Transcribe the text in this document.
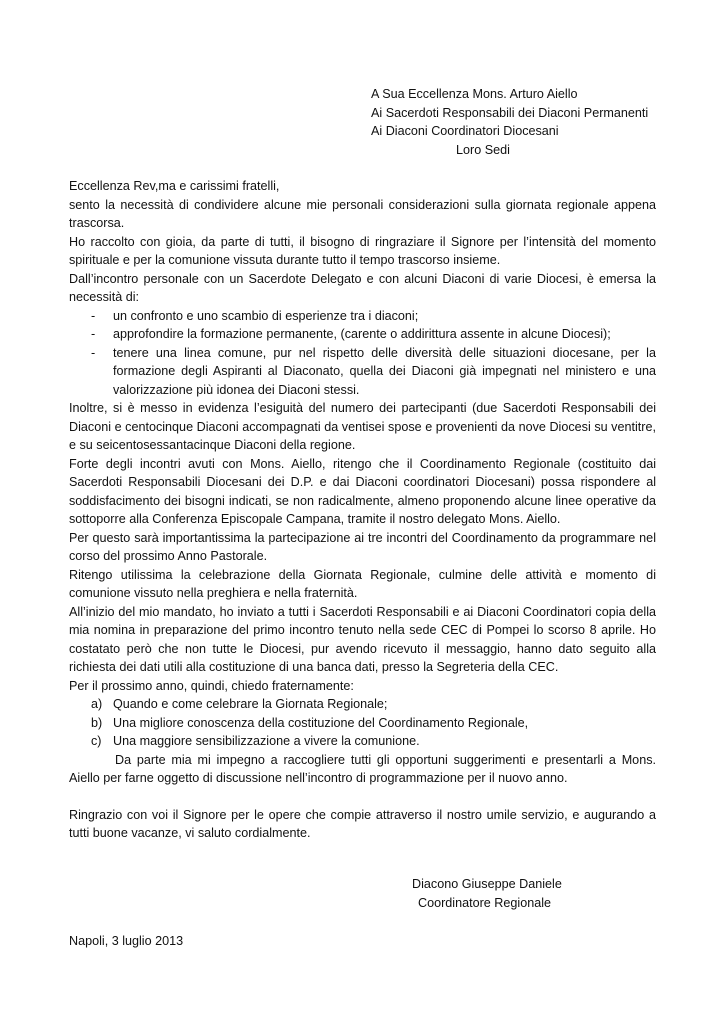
A Sua Eccellenza Mons. Arturo Aiello
Ai Sacerdoti Responsabili dei Diaconi Permanenti
Ai Diaconi Coordinatori Diocesani
Loro Sedi
Eccellenza Rev,ma e carissimi fratelli,
sento la necessità di condividere alcune mie personali considerazioni sulla giornata regionale appena trascorsa.
Ho raccolto con gioia, da parte di tutti, il bisogno di ringraziare il Signore per l’intensità del momento spirituale e per la comunione vissuta durante tutto il tempo trascorso insieme.
Dall’incontro personale con un Sacerdote Delegato e con alcuni Diaconi di varie Diocesi, è emersa la necessità di:
- un confronto e uno scambio di esperienze tra i diaconi;
- approfondire la formazione permanente, (carente o addirittura assente in alcune Diocesi);
- tenere una linea comune, pur nel rispetto delle diversità delle situazioni diocesane, per la formazione degli Aspiranti al Diaconato, quella dei Diaconi già impegnati nel ministero e una valorizzazione più idonea dei Diaconi stessi.
Inoltre, si è messo in evidenza l’esiguità del numero dei partecipanti (due Sacerdoti Responsabili dei Diaconi e centocinque Diaconi accompagnati da ventisei spose e provenienti da nove Diocesi su ventitre, e su seicentosessantacinque Diaconi della regione.
Forte degli incontri avuti con Mons. Aiello, ritengo che il Coordinamento Regionale (costituito dai Sacerdoti Responsabili Diocesani dei D.P. e dai Diaconi coordinatori Diocesani) possa rispondere al soddisfacimento dei bisogni indicati, se non radicalmente, almeno proponendo alcune linee operative da sottoporre alla Conferenza Episcopale Campana, tramite il nostro delegato Mons. Aiello.
Per questo sarà importantissima la partecipazione ai tre incontri del Coordinamento da programmare nel corso del prossimo Anno Pastorale.
Ritengo utilissima la celebrazione della Giornata Regionale, culmine delle attività e momento di comunione vissuto nella preghiera e nella fraternità.
All’inizio del mio mandato, ho inviato a tutti i Sacerdoti Responsabili e ai Diaconi Coordinatori copia della mia nomina in preparazione del primo incontro tenuto nella sede CEC di Pompei lo scorso 8 aprile. Ho costatato però che non tutte le Diocesi, pur avendo ricevuto il messaggio, hanno dato seguito alla richiesta dei dati utili alla costituzione di una banca dati, presso la Segreteria della CEC.
Per il prossimo anno, quindi, chiedo fraternamente:
a) Quando e come celebrare la Giornata Regionale;
b) Una migliore conoscenza della costituzione del Coordinamento Regionale,
c) Una maggiore sensibilizzazione a vivere la comunione.
Da parte mia mi impegno a raccogliere tutti gli opportuni suggerimenti e presentarli a Mons. Aiello per farne oggetto di discussione nell’incontro di programmazione per il nuovo anno.
Ringrazio con voi il Signore per le opere che compie attraverso il nostro umile servizio, e augurando a tutti buone vacanze, vi saluto cordialmente.
Diacono Giuseppe Daniele
Coordinatore Regionale
Napoli, 3 luglio 2013
